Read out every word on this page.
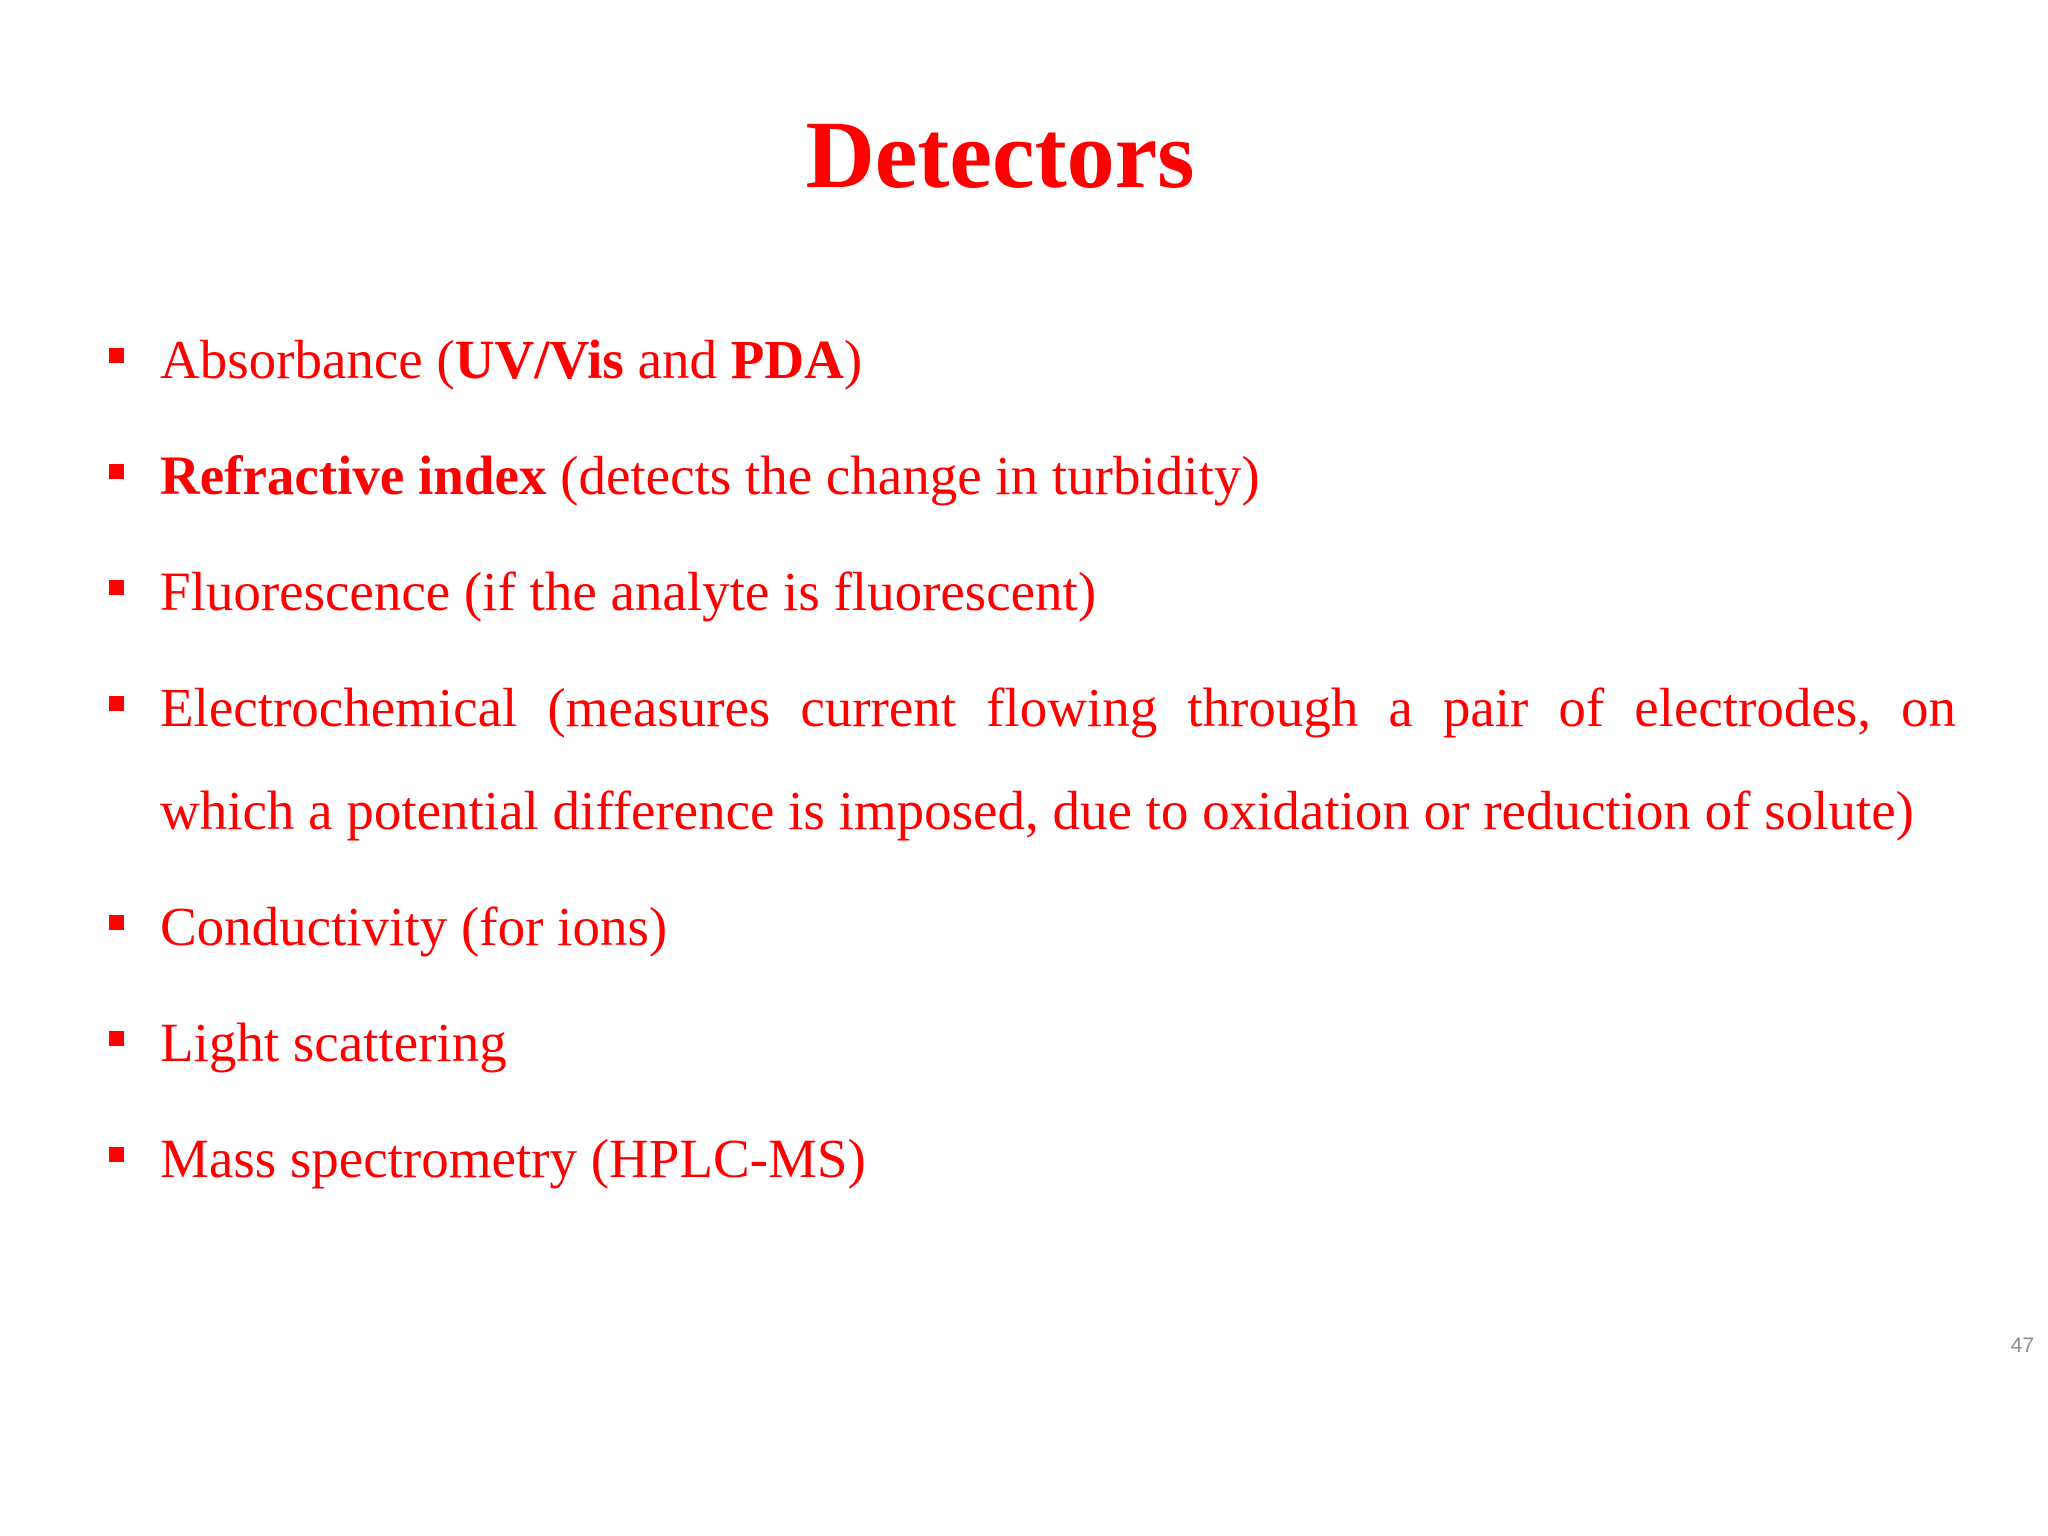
Detectors
Absorbance (UV/Vis and PDA)
Refractive index (detects the change in turbidity)
Fluorescence (if the analyte is fluorescent)
Electrochemical (measures current flowing through a pair of electrodes, on which a potential difference is imposed, due to oxidation or reduction of solute)
Conductivity (for ions)
Light scattering
Mass spectrometry (HPLC-MS)
47
